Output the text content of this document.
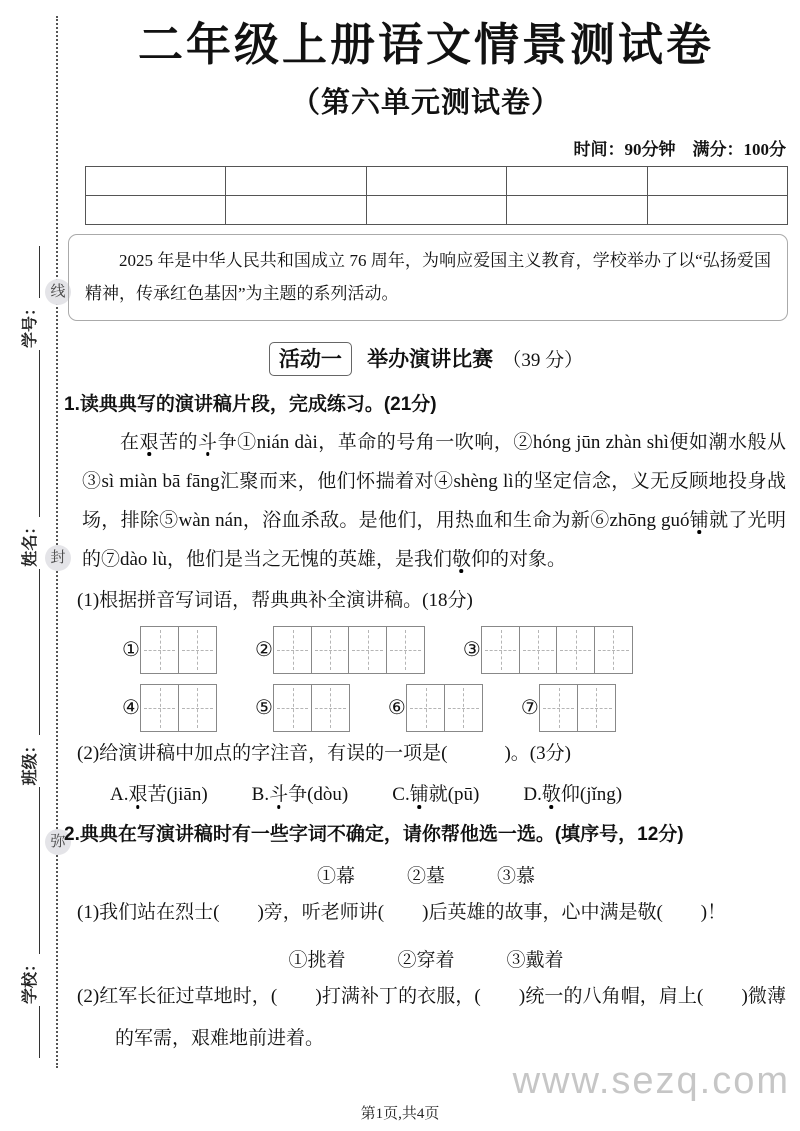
线
封
弥
学校：
班级：
姓名：
学号：
二年级上册语文情景测试卷
（第六单元测试卷）
时间：90分钟　满分：100分

2025 年是中华人民共和国成立 76 周年，为响应爱国主义教育，学校举办了以“弘扬爱国精神，传承红色基因”为主题的系列活动。
活动一 举办演讲比赛 （39 分）
1.读典典写的演讲稿片段，完成练习。(21分)
在艰苦的斗争①nián dài，革命的号角一吹响，②hóng jūn zhàn shì便如潮水般从③sì miàn bā fāng汇聚而来，他们怀揣着对④shèng lì的坚定信念，义无反顾地投身战场，排除⑤wàn nán，浴血杀敌。是他们，用热血和生命为新⑥zhōng guó铺就了光明的⑦dào lù，他们是当之无愧的英雄，是我们敬仰的对象。
(1)根据拼音写词语，帮典典补全演讲稿。(18分)
①	②	③
④	⑤	⑥	⑦
(2)给演讲稿中加点的字注音，有误的一项是(　　　)。(3分)
A.艰苦(jiān) B.斗争(dòu) C.铺就(pū) D.敬仰(jǐng)
2.典典在写演讲稿时有一些字词不确定，请你帮他选一选。(填序号，12分)
①幕	②墓	③慕
(1)我们站在烈士(　　)旁，听老师讲(　　)后英雄的故事，心中满是敬(　　)！
①挑着	②穿着	③戴着
(2)红军长征过草地时，(　　)打满补丁的衣服，(　　)统一的八角帽，肩上(　　)微薄的军需，艰难地前进着。
www.sezq.com
第1页,共4页
